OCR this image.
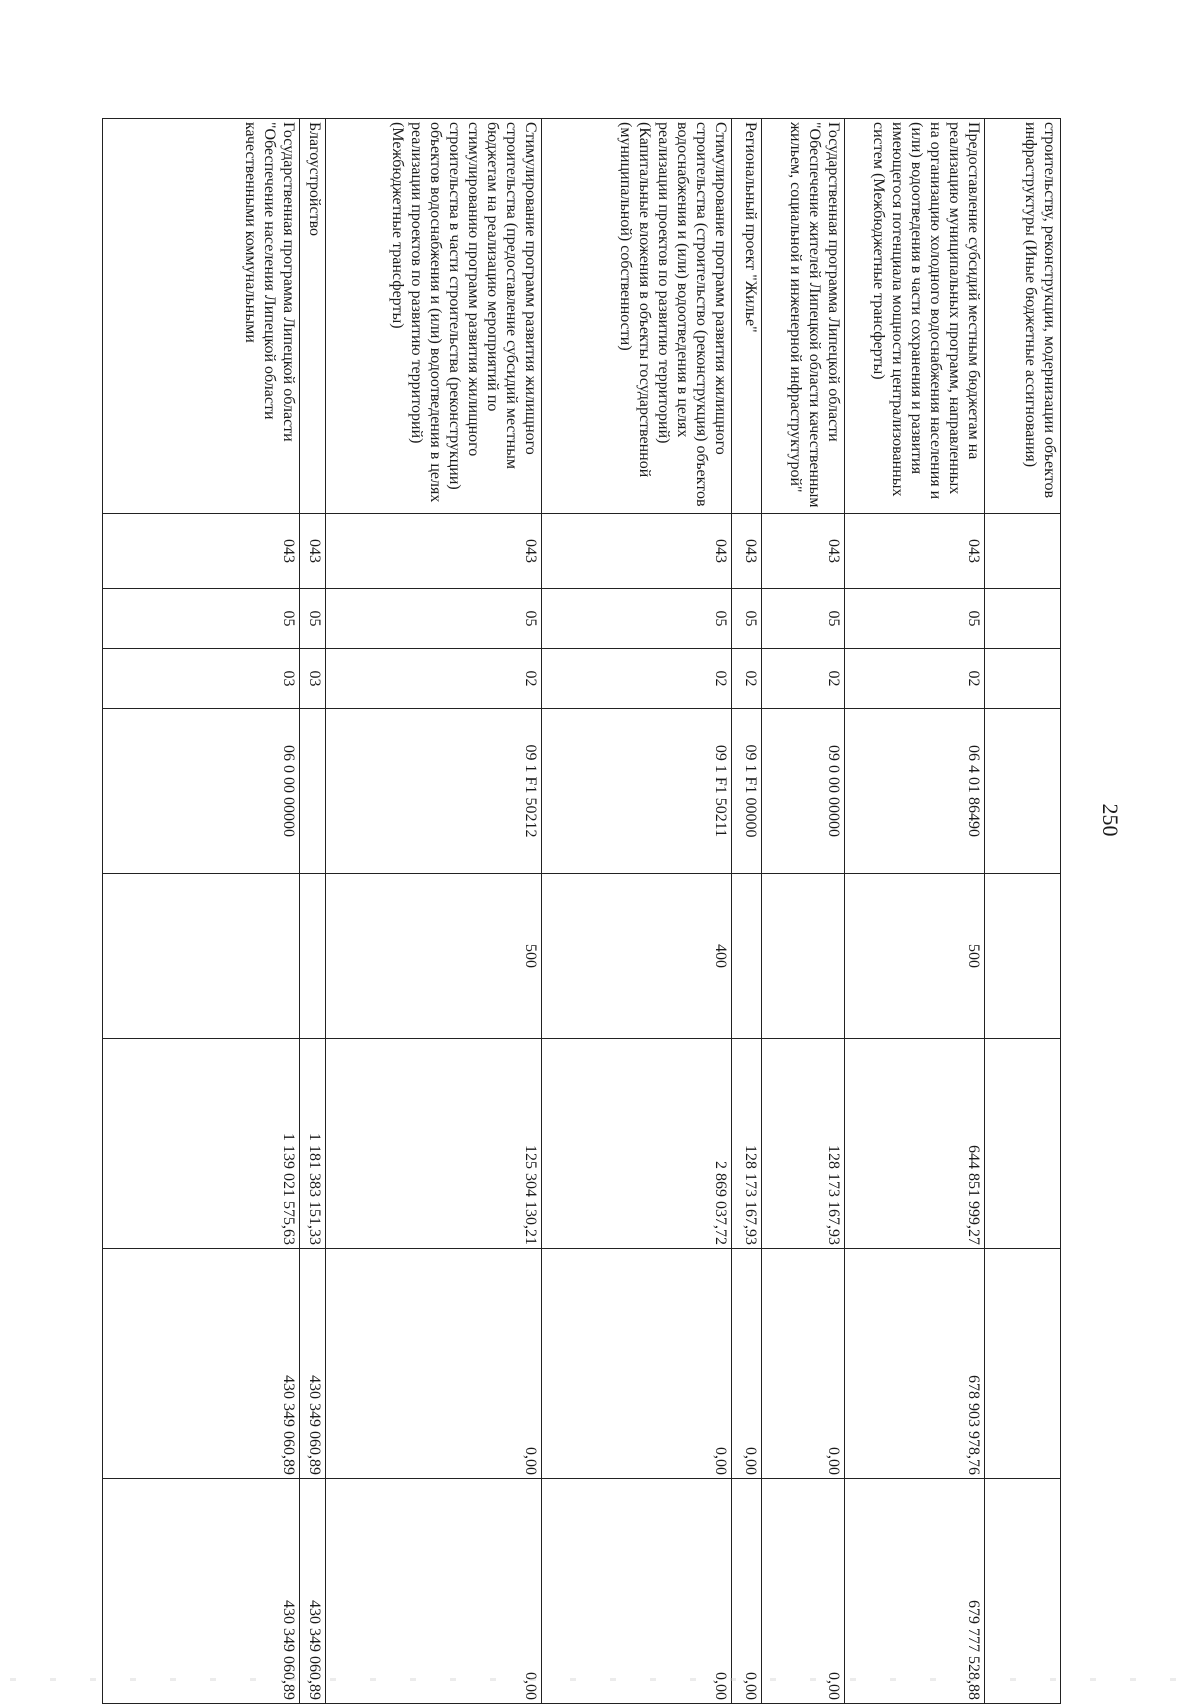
250
строительству, реконструкции, модернизации объектов инфраструктуры (Иные бюджетные ассигнования)								
Предоставление субсидий местным бюджетам на реализацию муниципальных программ, направленных на организацию холодного водоснабжения населения и (или) водоотведения в части сохранения и развития имеющегося потенциала мощности централизованных систем (Межбюджетные трансферты)	043	05	02	06 4 01 86490	500	644 851 999,27	678 903 978,76	679 777 528,88
Государственная программа Липецкой области "Обеспечение жителей Липецкой области качественным жильем, социальной и инженерной инфраструктурой"	043	05	02	09 0 00 00000		128 173 167,93	0,00	0,00
Региональный проект "Жилье"	043	05	02	09 1 F1 00000		128 173 167,93	0,00	0,00
Стимулирование программ развития жилищного строительства (строительство (реконструкция) объектов водоснабжения и (или) водоотведения в целях реализации проектов по развитию территорий) (Капитальные вложения в объекты государственной (муниципальной) собственности)	043	05	02	09 1 F1 50211	400	2 869 037,72	0,00	0,00
Стимулирование программ развития жилищного строительства (предоставление субсидий местным бюджетам на реализацию мероприятий по стимулированию программ развития жилищного строительства в части строительства (реконструкции) объектов водоснабжения и (или) водоотведения в целях реализации проектов по развитию территорий) (Межбюджетные трансферты)	043	05	02	09 1 F1 50212	500	125 304 130,21	0,00	0,00
Благоустройство	043	05	03			1 181 383 151,33	430 349 060,89	430 349 060,89
Государственная программа Липецкой области "Обеспечение населения Липецкой области качественными коммунальными	043	05	03	06 0 00 00000		1 139 021 575,63	430 349 060,89	430 349 060,89
